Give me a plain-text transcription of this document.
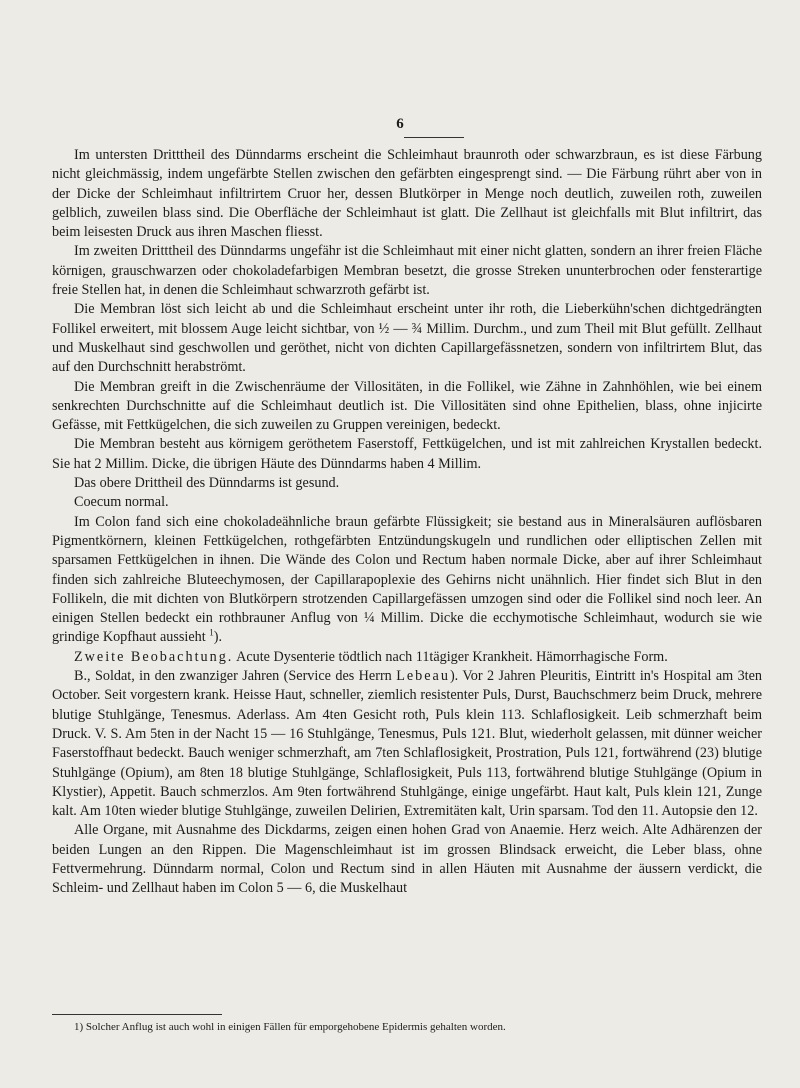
6

Im untersten Dritttheil des Dünndarms erscheint die Schleimhaut braunroth oder schwarzbraun, es ist diese Färbung nicht gleichmässig, indem ungefärbte Stellen zwischen den gefärbten eingesprengt sind. — Die Färbung rührt aber von in der Dicke der Schleimhaut infiltrirtem Cruor her, dessen Blutkörper in Menge noch deutlich, zuweilen roth, zuweilen gelblich, zuweilen blass sind. Die Oberfläche der Schleimhaut ist glatt. Die Zellhaut ist gleichfalls mit Blut infiltrirt, das beim leisesten Druck aus ihren Maschen fliesst.

Im zweiten Dritttheil des Dünndarms ungefähr ist die Schleimhaut mit einer nicht glatten, sondern an ihrer freien Fläche körnigen, grauschwarzen oder chokoladefarbigen Membran besetzt, die grosse Streken ununterbrochen oder fensterartige freie Stellen hat, in denen die Schleimhaut schwarzroth gefärbt ist.

Die Membran löst sich leicht ab und die Schleimhaut erscheint unter ihr roth, die Lieberkühn'schen dichtgedrängten Follikel erweitert, mit blossem Auge leicht sichtbar, von ½ — ¾ Millim. Durchm., und zum Theil mit Blut gefüllt. Zellhaut und Muskelhaut sind geschwollen und geröthet, nicht von dichten Capillargefässnetzen, sondern von infiltrirtem Blut, das auf den Durchschnitt herabströmt.

Die Membran greift in die Zwischenräume der Villositäten, in die Follikel, wie Zähne in Zahnhöhlen, wie bei einem senkrechten Durchschnitte auf die Schleimhaut deutlich ist. Die Villositäten sind ohne Epithelien, blass, ohne injicirte Gefässe, mit Fettkügelchen, die sich zuweilen zu Gruppen vereinigen, bedeckt.

Die Membran besteht aus körnigem geröthetem Faserstoff, Fettkügelchen, und ist mit zahlreichen Krystallen bedeckt. Sie hat 2 Millim. Dicke, die übrigen Häute des Dünndarms haben 4 Millim.

Das obere Drittheil des Dünndarms ist gesund.

Coecum normal.

Im Colon fand sich eine chokoladeähnliche braun gefärbte Flüssigkeit; sie bestand aus in Mineralsäuren auflösbaren Pigmentkörnern, kleinen Fettkügelchen, rothgefärbten Entzündungskugeln und rundlichen oder elliptischen Zellen mit sparsamen Fettkügelchen in ihnen. Die Wände des Colon und Rectum haben normale Dicke, aber auf ihrer Schleimhaut finden sich zahlreiche Bluteechymosen, der Capillarapoplexie des Gehirns nicht unähnlich. Hier findet sich Blut in den Follikeln, die mit dichten von Blutkörpern strotzenden Capillargefässen umzogen sind oder die Follikel sind noch leer. An einigen Stellen bedeckt ein rothbrauner Anflug von ¼ Millim. Dicke die ecchymotische Schleimhaut, wodurch sie wie grindige Kopfhaut aussieht $^1$).

Zweite Beobachtung. Acute Dysenterie tödtlich nach 11tägiger Krankheit. Hämorrhagische Form.

B., Soldat, in den zwanziger Jahren (Service des Herrn Lebeau). Vor 2 Jahren Pleuritis, Eintritt in's Hospital am 3ten October. Seit vorgestern krank. Heisse Haut, schneller, ziemlich resistenter Puls, Durst, Bauchschmerz beim Druck, mehrere blutige Stuhlgänge, Tenesmus. Aderlass. Am 4ten Gesicht roth, Puls klein 113. Schlaflosigkeit. Leib schmerzhaft beim Druck. V. S. Am 5ten in der Nacht 15 — 16 Stuhlgänge, Tenesmus, Puls 121. Blut, wiederholt gelassen, mit dünner weicher Faserstoffhaut bedeckt. Bauch weniger schmerzhaft, am 7ten Schlaflosigkeit, Prostration, Puls 121, fortwährend (23) blutige Stuhlgänge (Opium), am 8ten 18 blutige Stuhlgänge, Schlaflosigkeit, Puls 113, fortwährend blutige Stuhlgänge (Opium in Klystier), Appetit. Bauch schmerzlos. Am 9ten fortwährend Stuhlgänge, einige ungefärbt. Haut kalt, Puls klein 121, Zunge kalt. Am 10ten wieder blutige Stuhlgänge, zuweilen Delirien, Extremitäten kalt, Urin sparsam. Tod den 11. Autopsie den 12.

Alle Organe, mit Ausnahme des Dickdarms, zeigen einen hohen Grad von Anaemie. Herz weich. Alte Adhärenzen der beiden Lungen an den Rippen. Die Magenschleimhaut ist im grossen Blindsack erweicht, die Leber blass, ohne Fettvermehrung. Dünndarm normal, Colon und Rectum sind in allen Häuten mit Ausnahme der äussern verdickt, die Schleim- und Zellhaut haben im Colon 5 — 6, die Muskelhaut

1) Solcher Anflug ist auch wohl in einigen Fällen für emporgehobene Epidermis gehalten worden.
